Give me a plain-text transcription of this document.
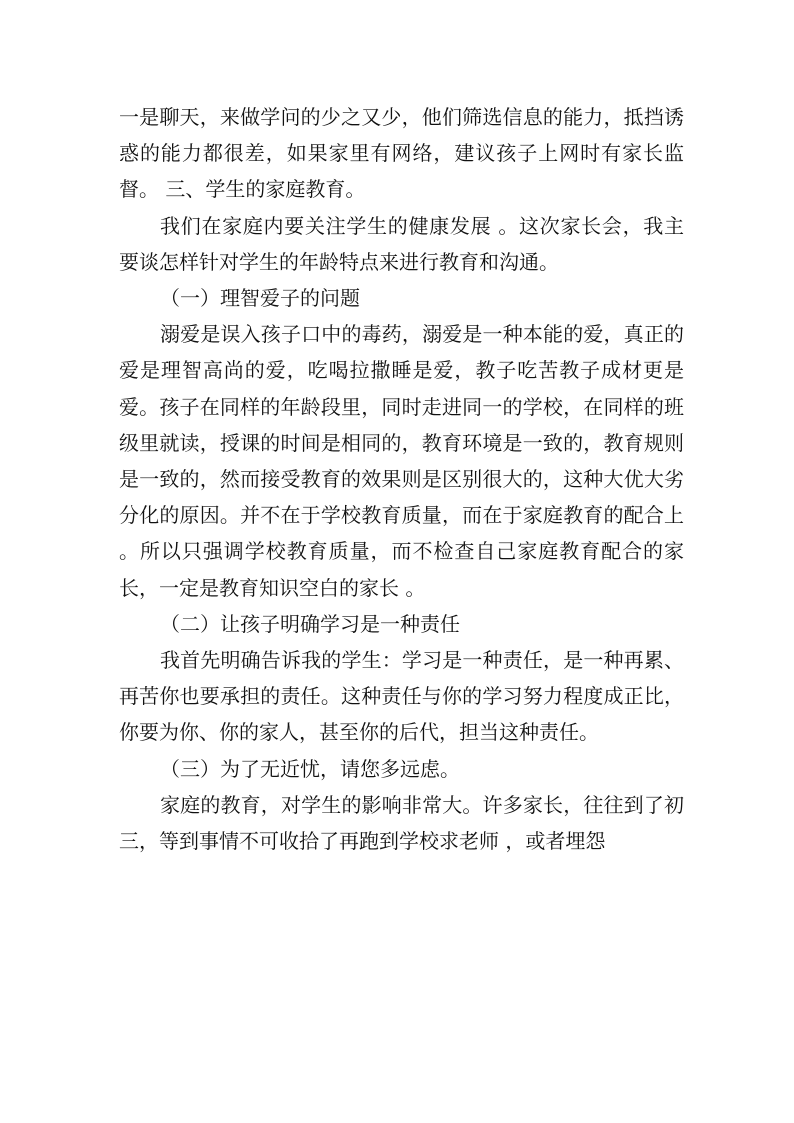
一是聊天，来做学问的少之又少，他们筛选信息的能力，抵挡诱惑的能力都很差，如果家里有网络，建议孩子上网时有家长监督。 三、学生的家庭教育。

我们在家庭内要关注学生的健康发展 。这次家长会，我主要谈怎样针对学生的年龄特点来进行教育和沟通。

（一）理智爱子的问题

溺爱是误入孩子口中的毒药，溺爱是一种本能的爱，真正的爱是理智高尚的爱，吃喝拉撒睡是爱，教子吃苦教子成材更是爱。孩子在同样的年龄段里，同时走进同一的学校，在同样的班级里就读，授课的时间是相同的，教育环境是一致的，教育规则是一致的，然而接受教育的效果则是区别很大的，这种大优大劣分化的原因。并不在于学校教育质量，而在于家庭教育的配合上 。所以只强调学校教育质量，而不检查自己家庭教育配合的家长，一定是教育知识空白的家长 。

（二）让孩子明确学习是一种责任

我首先明确告诉我的学生：学习是一种责任，是一种再累、再苦你也要承担的责任。这种责任与你的学习努力程度成正比，你要为你、你的家人，甚至你的后代，担当这种责任。

（三）为了无近忧，请您多远虑。

家庭的教育，对学生的影响非常大。许多家长，往往到了初三，等到事情不可收拾了再跑到学校求老师 ，或者埋怨
